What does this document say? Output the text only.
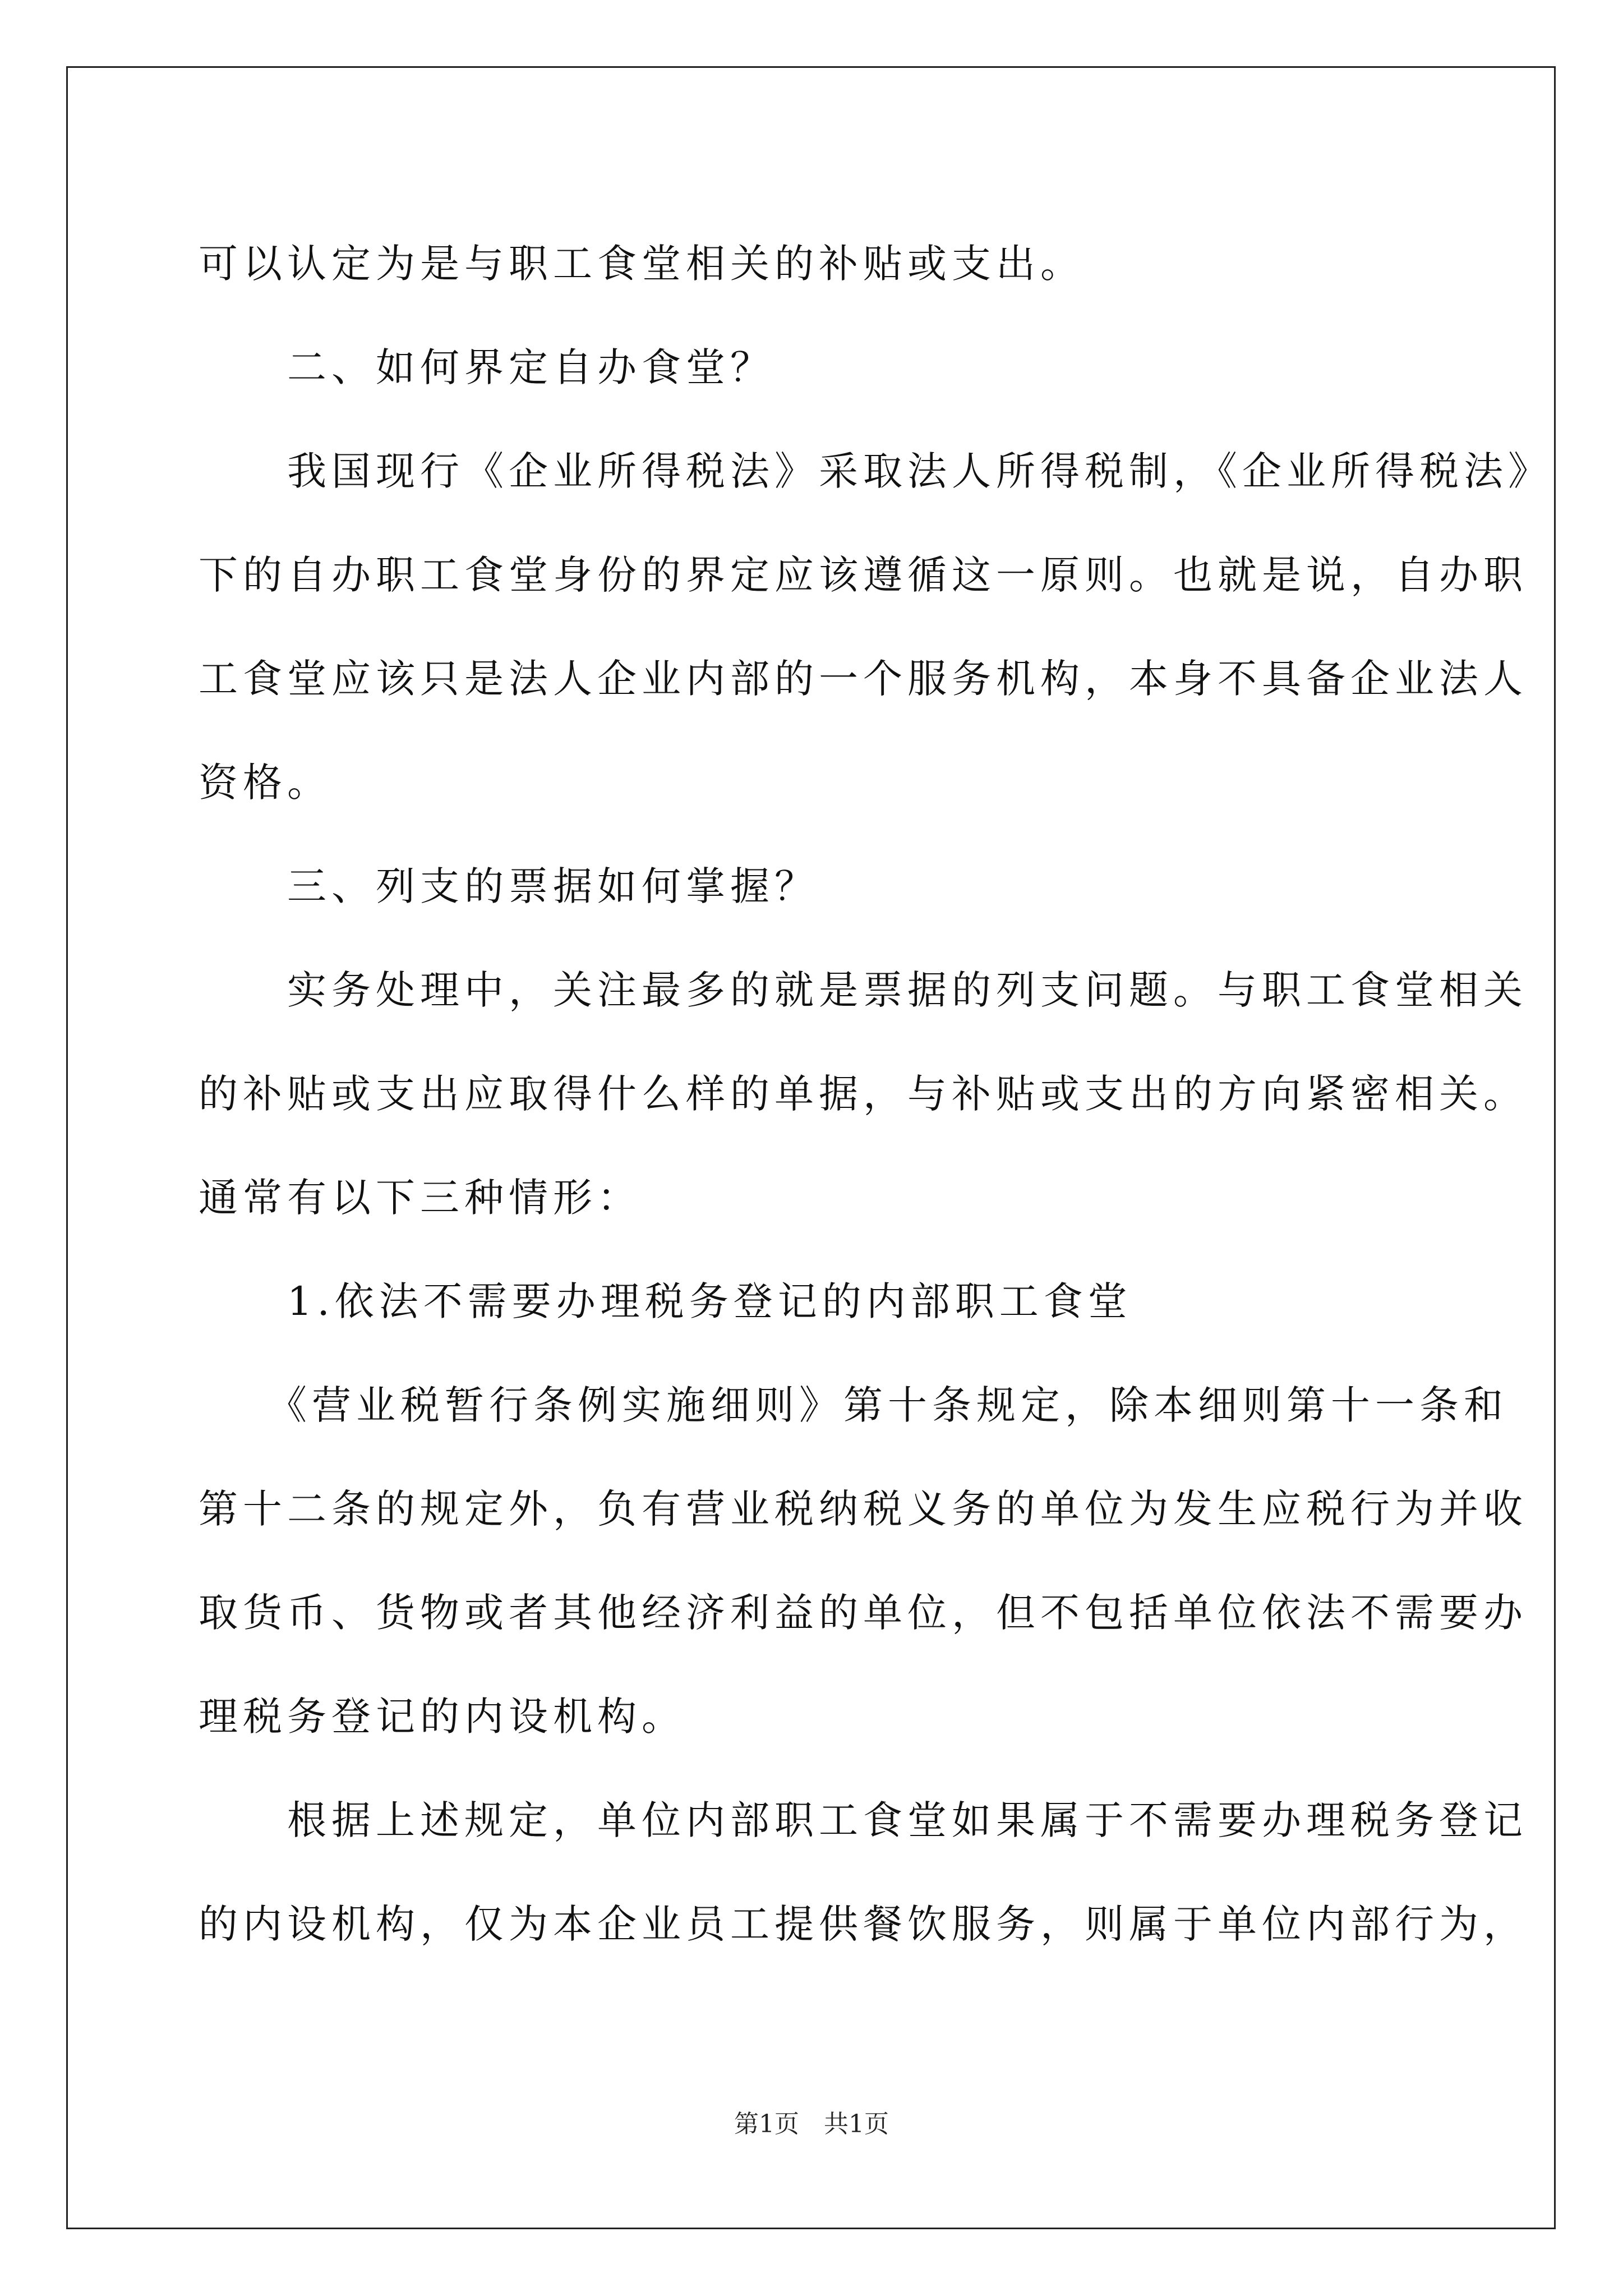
可以认定为是与职工食堂相关的补贴或支出。

　　二、如何界定自办食堂？

　　我国现行《企业所得税法》采取法人所得税制，《企业所得税法》

下的自办职工食堂身份的界定应该遵循这一原则。也就是说，自办职

工食堂应该只是法人企业内部的一个服务机构，本身不具备企业法人

资格。

　　三、列支的票据如何掌握？

　　实务处理中，关注最多的就是票据的列支问题。与职工食堂相关

的补贴或支出应取得什么样的单据，与补贴或支出的方向紧密相关。

通常有以下三种情形：

　　1.依法不需要办理税务登记的内部职工食堂

　　《营业税暂行条例实施细则》第十条规定，除本细则第十一条和

第十二条的规定外，负有营业税纳税义务的单位为发生应税行为并收

取货币、货物或者其他经济利益的单位，但不包括单位依法不需要办

理税务登记的内设机构。

　　根据上述规定，单位内部职工食堂如果属于不需要办理税务登记

的内设机构，仅为本企业员工提供餐饮服务，则属于单位内部行为，

第1页　共1页
